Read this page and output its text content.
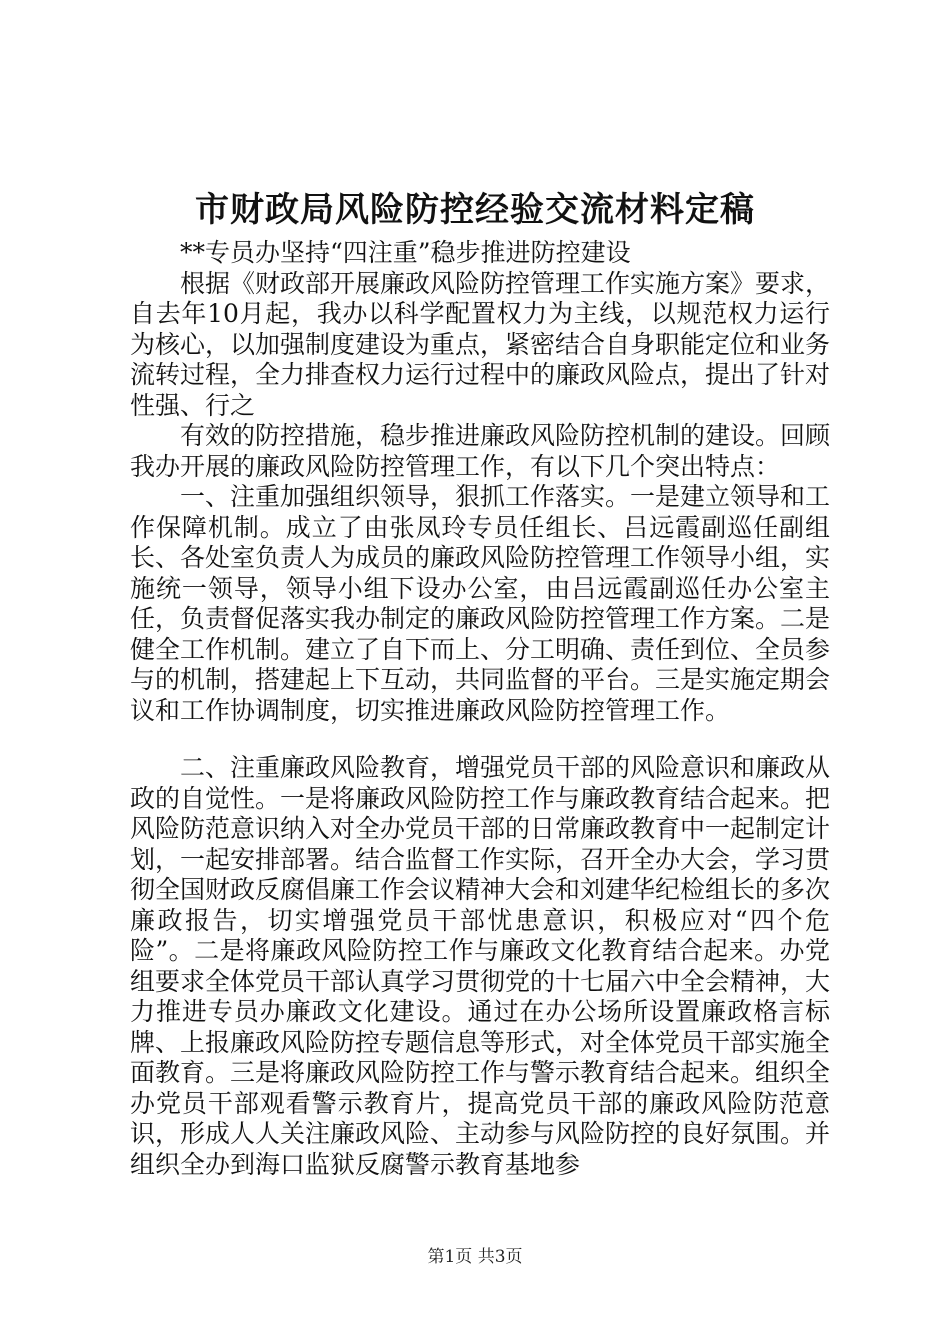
市财政局风险防控经验交流材料定稿

**专员办坚持“四注重”稳步推进防控建设

根据《财政部开展廉政风险防控管理工作实施方案》要求，自去年10月起，我办以科学配置权力为主线，以规范权力运行为核心，以加强制度建设为重点，紧密结合自身职能定位和业务流转过程，全力排查权力运行过程中的廉政风险点，提出了针对性强、行之

有效的防控措施，稳步推进廉政风险防控机制的建设。回顾我办开展的廉政风险防控管理工作，有以下几个突出特点：

一、注重加强组织领导，狠抓工作落实。一是建立领导和工作保障机制。成立了由张凤玲专员任组长、吕远霞副巡任副组长、各处室负责人为成员的廉政风险防控管理工作领导小组，实施统一领导，领导小组下设办公室，由吕远霞副巡任办公室主任，负责督促落实我办制定的廉政风险防控管理工作方案。二是健全工作机制。建立了自下而上、分工明确、责任到位、全员参与的机制，搭建起上下互动，共同监督的平台。三是实施定期会议和工作协调制度，切实推进廉政风险防控管理工作。

二、注重廉政风险教育，增强党员干部的风险意识和廉政从政的自觉性。一是将廉政风险防控工作与廉政教育结合起来。把风险防范意识纳入对全办党员干部的日常廉政教育中一起制定计划，一起安排部署。结合监督工作实际，召开全办大会，学习贯彻全国财政反腐倡廉工作会议精神大会和刘建华纪检组长的多次廉政报告，切实增强党员干部忧患意识，积极应对“四个危险”。二是将廉政风险防控工作与廉政文化教育结合起来。办党组要求全体党员干部认真学习贯彻党的十七届六中全会精神，大力推进专员办廉政文化建设。通过在办公场所设置廉政格言标牌、上报廉政风险防控专题信息等形式，对全体党员干部实施全面教育。三是将廉政风险防控工作与警示教育结合起来。组织全办党员干部观看警示教育片，提高党员干部的廉政风险防范意识，形成人人关注廉政风险、主动参与风险防控的良好氛围。并组织全办到海口监狱反腐警示教育基地参

第1页 共3页
